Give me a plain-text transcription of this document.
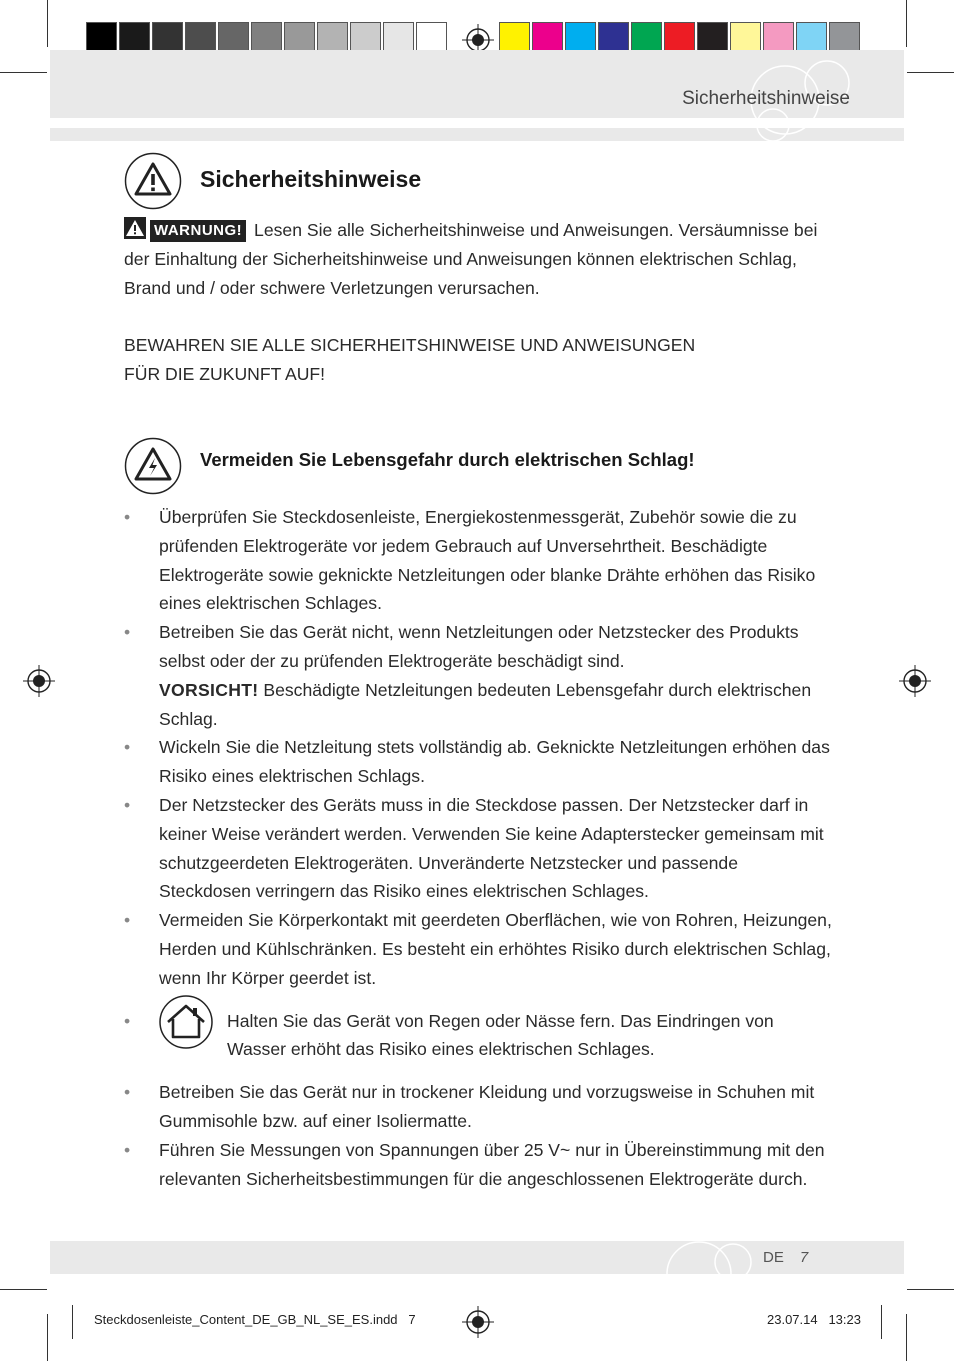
Sicherheitshinweise
Sicherheitshinweise
WARNUNG! Lesen Sie alle Sicherheitshinweise und Anweisungen. Versäumnisse bei der Einhaltung der Sicherheitshinweise und Anweisungen können elektrischen Schlag, Brand und / oder schwere Verletzungen verursachen.
BEWAHREN SIE ALLE SICHERHEITSHINWEISE UND ANWEISUNGEN
FÜR DIE ZUKUNFT AUF!
Vermeiden Sie Lebensgefahr durch elektrischen Schlag!
• Überprüfen Sie Steckdosenleiste, Energiekostenmessgerät, Zubehör sowie die zu prüfenden Elektrogeräte vor jedem Gebrauch auf Unversehrtheit. Beschädigte Elektrogeräte sowie geknickte Netzleitungen oder blanke Drähte erhöhen das Risiko eines elektrischen Schlages.
• Betreiben Sie das Gerät nicht, wenn Netzleitungen oder Netzstecker des Produkts selbst oder der zu prüfenden Elektrogeräte beschädigt sind.
VORSICHT! Beschädigte Netzleitungen bedeuten Lebensgefahr durch elektrischen Schlag.
• Wickeln Sie die Netzleitung stets vollständig ab. Geknickte Netzleitungen erhöhen das Risiko eines elektrischen Schlags.
• Der Netzstecker des Geräts muss in die Steckdose passen. Der Netzstecker darf in keiner Weise verändert werden. Verwenden Sie keine Adapterstecker gemeinsam mit schutzgeerdeten Elektrogeräten. Unveränderte Netzstecker und passende Steckdosen verringern das Risiko eines elektrischen Schlages.
• Vermeiden Sie Körperkontakt mit geerdeten Oberflächen, wie von Rohren, Heizungen, Herden und Kühlschränken. Es besteht ein erhöhtes Risiko durch elektrischen Schlag, wenn Ihr Körper geerdet ist.
•	Halten Sie das Gerät von Regen oder Nässe fern. Das Eindringen von Wasser erhöht das Risiko eines elektrischen Schlages.
• Betreiben Sie das Gerät nur in trockener Kleidung und vorzugsweise in Schuhen mit Gummisohle bzw. auf einer Isoliermatte.
• Führen Sie Messungen von Spannungen über 25 V~ nur in Übereinstimmung mit den relevanten Sicherheitsbestimmungen für die angeschlossenen Elektrogeräte durch.
DE 7
Steckdosenleiste_Content_DE_GB_NL_SE_ES.indd   7	23.07.14   13:23
